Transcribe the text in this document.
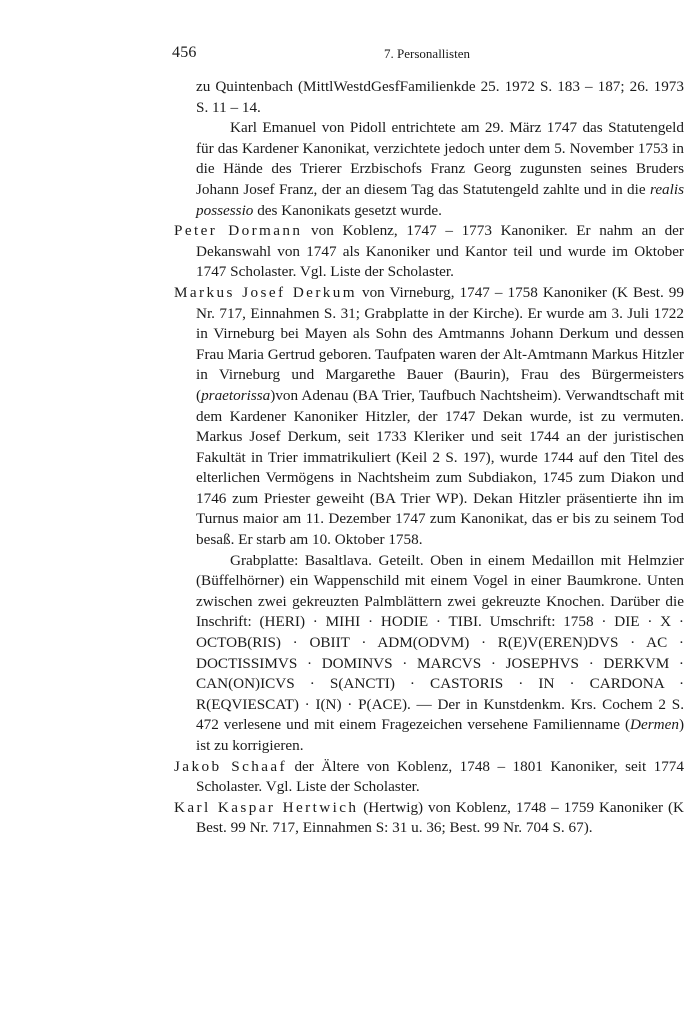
456	7. Personallisten

zu Quintenbach (MittlWestdGesfFamilienkde 25. 1972 S. 183 – 187; 26. 1973 S. 11 – 14.

Karl Emanuel von Pidoll entrichtete am 29. März 1747 das Statutengeld für das Kardener Kanonikat, verzichtete jedoch unter dem 5. November 1753 in die Hände des Trierer Erzbischofs Franz Georg zugunsten seines Bruders Johann Josef Franz, der an diesem Tag das Statutengeld zahlte und in die realis possessio des Kanonikats gesetzt wurde.

Peter Dormann von Koblenz, 1747 – 1773 Kanoniker. Er nahm an der Dekanswahl von 1747 als Kanoniker und Kantor teil und wurde im Oktober 1747 Scholaster. Vgl. Liste der Scholaster.

Markus Josef Derkum von Virneburg, 1747 – 1758 Kanoniker (K Best. 99 Nr. 717, Einnahmen S. 31; Grabplatte in der Kirche). Er wurde am 3. Juli 1722 in Virneburg bei Mayen als Sohn des Amtmanns Johann Derkum und dessen Frau Maria Gertrud geboren. Taufpaten waren der Alt-Amtmann Markus Hitzler in Virneburg und Margarethe Bauer (Baurin), Frau des Bürgermeisters (praetorissa)von Adenau (BA Trier, Taufbuch Nachtsheim). Verwandtschaft mit dem Kardener Kanoniker Hitzler, der 1747 Dekan wurde, ist zu vermuten. Markus Josef Derkum, seit 1733 Kleriker und seit 1744 an der juristischen Fakultät in Trier immatrikuliert (Keil 2 S. 197), wurde 1744 auf den Titel des elterlichen Vermögens in Nachtsheim zum Subdiakon, 1745 zum Diakon und 1746 zum Priester geweiht (BA Trier WP). Dekan Hitzler präsentierte ihn im Turnus maior am 11. Dezember 1747 zum Kanonikat, das er bis zu seinem Tod besaß. Er starb am 10. Oktober 1758.

Grabplatte: Basaltlava. Geteilt. Oben in einem Medaillon mit Helmzier (Büffelhörner) ein Wappenschild mit einem Vogel in einer Baumkrone. Unten zwischen zwei gekreuzten Palmblättern zwei gekreuzte Knochen. Darüber die Inschrift: (HERI) · MIHI · HODIE · TIBI. Umschrift: 1758 · DIE · X · OCTOB(RIS) · OBIIT · ADM(ODVM) · R(E)V(EREN)DVS · AC · DOCTISSIMVS · DOMINVS · MARCVS · JOSEPHVS · DERKVM · CAN(ON)ICVS · S(ANCTI) · CASTORIS · IN · CARDONA · R(EQVIESCAT) · I(N) · P(ACE). — Der in Kunstdenkm. Krs. Cochem 2 S. 472 verlesene und mit einem Fragezeichen versehene Familienname (Dermen) ist zu korrigieren.

Jakob Schaaf der Ältere von Koblenz, 1748 – 1801 Kanoniker, seit 1774 Scholaster. Vgl. Liste der Scholaster.

Karl Kaspar Hertwich (Hertwig) von Koblenz, 1748 – 1759 Kanoniker (K Best. 99 Nr. 717, Einnahmen S: 31 u. 36; Best. 99 Nr. 704 S. 67).
